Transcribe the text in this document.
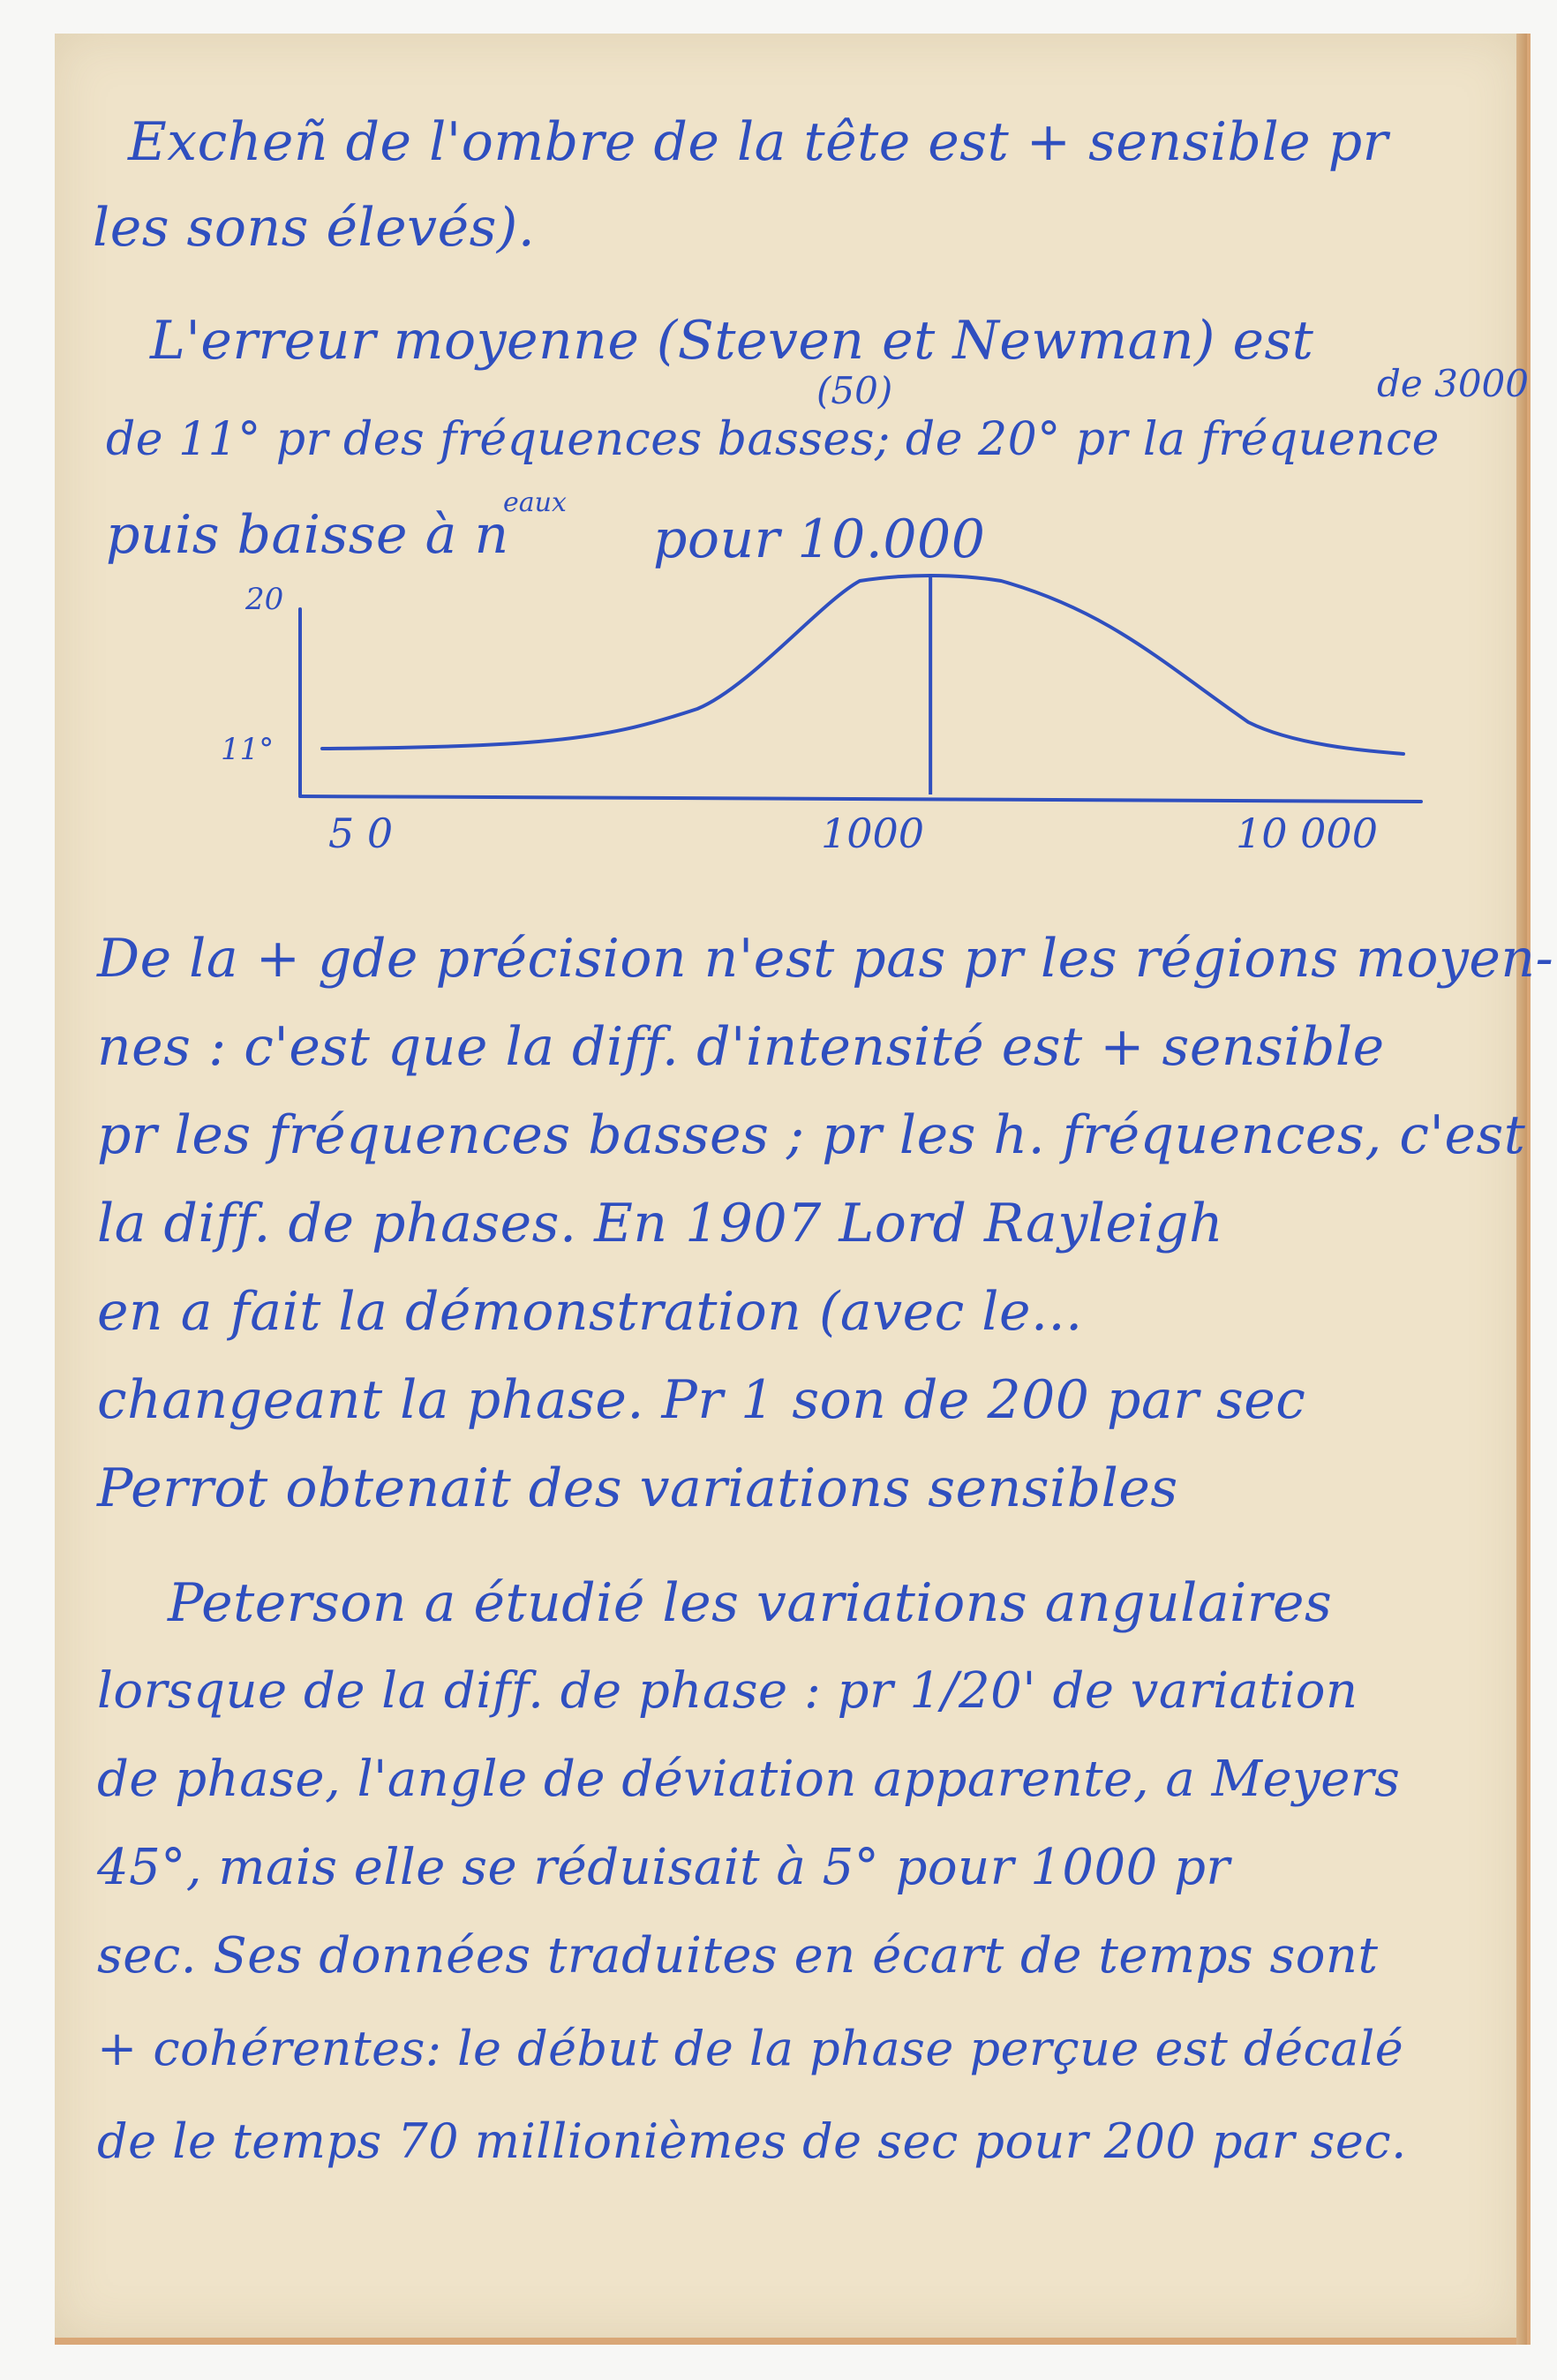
Excheñ de l'ombre de la tête est + sensible pr
les sons élevés).
L'erreur moyenne (Steven et Newman) est
(50)	de 3000
de 11° pr des fréquences basses; de 20° pr la fréquence
puis baisse à n
eaux
pour 10.000
5 0	1000	10 000
20
11°
De la + gde précision n'est pas pr les régions moyen-
nes : c'est que la diff. d'intensité est + sensible
pr les fréquences basses ; pr les h. fréquences, c'est
la diff. de phases. En 1907 Lord Rayleigh
en a fait la démonstration (avec le...
changeant la phase. Pr 1 son de 200 par sec
Perrot obtenait des variations sensibles
Peterson a étudié les variations angulaires
lorsque de la diff. de phase : pr 1/20' de variation
de phase, l'angle de déviation apparente, a Meyers
45°, mais elle se réduisait à 5° pour 1000 pr
sec. Ses données traduites en écart de temps sont
+ cohérentes: le début de la phase perçue est décalé
de le temps 70 millionièmes de sec pour 200 par sec.
